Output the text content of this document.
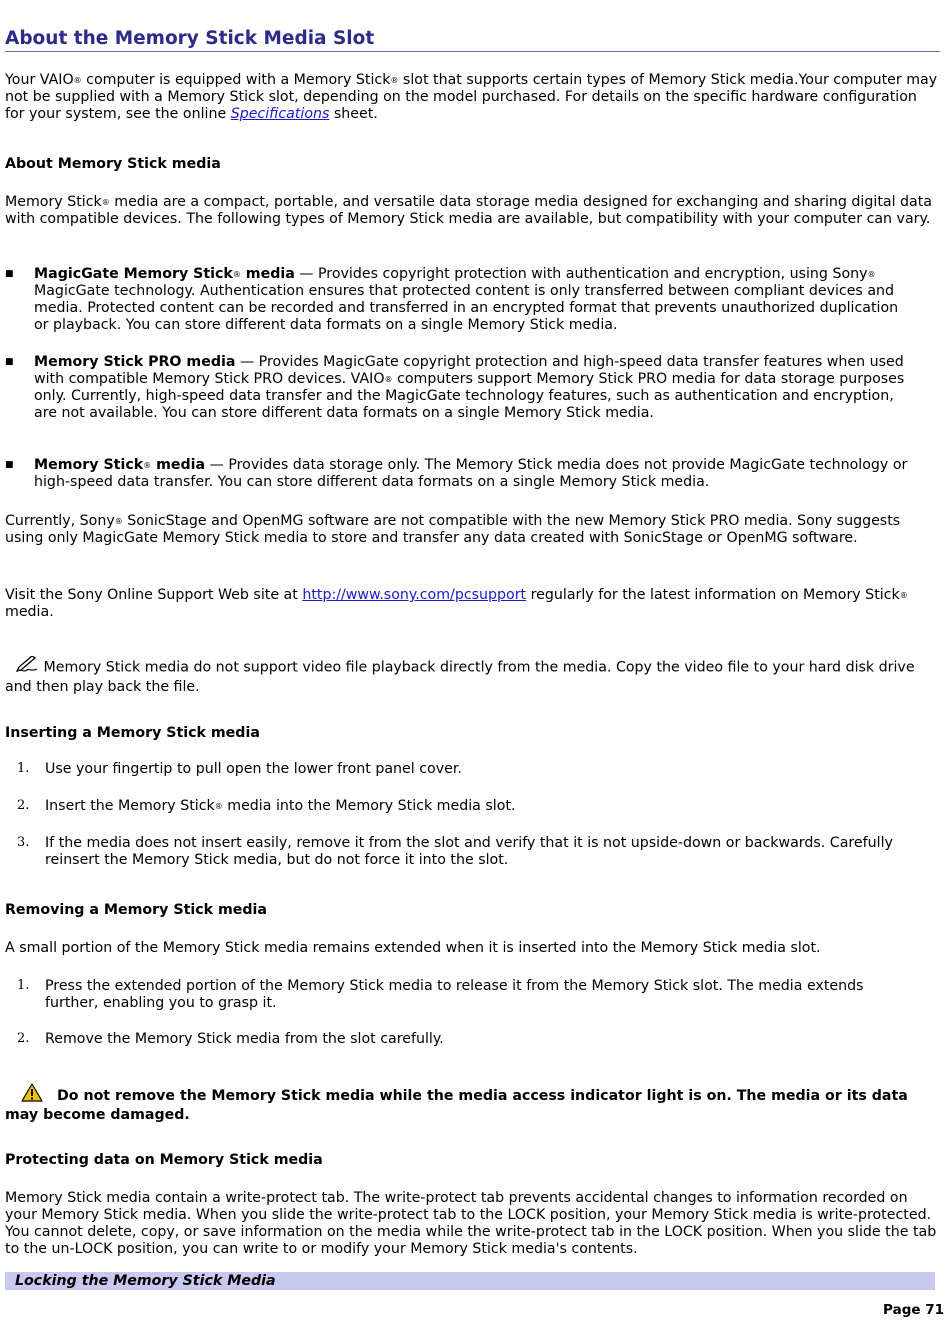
About the Memory Stick Media Slot

Your VAIO® computer is equipped with a Memory Stick® slot that supports certain types of Memory Stick media.Your computer may not be supplied with a Memory Stick slot, depending on the model purchased. For details on the specific hardware configuration for your system, see the online Specifications sheet.

About Memory Stick media

Memory Stick® media are a compact, portable, and versatile data storage media designed for exchanging and sharing digital data with compatible devices. The following types of Memory Stick media are available, but compatibility with your computer can vary.

■ MagicGate Memory Stick® media — Provides copyright protection with authentication and encryption, using Sony® MagicGate technology. Authentication ensures that protected content is only transferred between compliant devices and media. Protected content can be recorded and transferred in an encrypted format that prevents unauthorized duplication or playback. You can store different data formats on a single Memory Stick media.
■ Memory Stick PRO media — Provides MagicGate copyright protection and high-speed data transfer features when used with compatible Memory Stick PRO devices. VAIO® computers support Memory Stick PRO media for data storage purposes only. Currently, high-speed data transfer and the MagicGate technology features, such as authentication and encryption, are not available. You can store different data formats on a single Memory Stick media.
■ Memory Stick® media — Provides data storage only. The Memory Stick media does not provide MagicGate technology or high-speed data transfer. You can store different data formats on a single Memory Stick media.

Currently, Sony® SonicStage and OpenMG software are not compatible with the new Memory Stick PRO media. Sony suggests using only MagicGate Memory Stick media to store and transfer any data created with SonicStage or OpenMG software.

Visit the Sony Online Support Web site at http://www.sony.com/pcsupport regularly for the latest information on Memory Stick® media.

Memory Stick media do not support video file playback directly from the media. Copy the video file to your hard disk drive and then play back the file.

Inserting a Memory Stick media

1. Use your fingertip to pull open the lower front panel cover.
2. Insert the Memory Stick® media into the Memory Stick media slot.
3. If the media does not insert easily, remove it from the slot and verify that it is not upside-down or backwards. Carefully reinsert the Memory Stick media, but do not force it into the slot.

Removing a Memory Stick media

A small portion of the Memory Stick media remains extended when it is inserted into the Memory Stick media slot.

1. Press the extended portion of the Memory Stick media to release it from the Memory Stick slot. The media extends further, enabling you to grasp it.
2. Remove the Memory Stick media from the slot carefully.

Do not remove the Memory Stick media while the media access indicator light is on. The media or its data may become damaged.

Protecting data on Memory Stick media

Memory Stick media contain a write-protect tab. The write-protect tab prevents accidental changes to information recorded on your Memory Stick media. When you slide the write-protect tab to the LOCK position, your Memory Stick media is write-protected. You cannot delete, copy, or save information on the media while the write-protect tab in the LOCK position. When you slide the tab to the un-LOCK position, you can write to or modify your Memory Stick media's contents.

Locking the Memory Stick Media
Page 71
